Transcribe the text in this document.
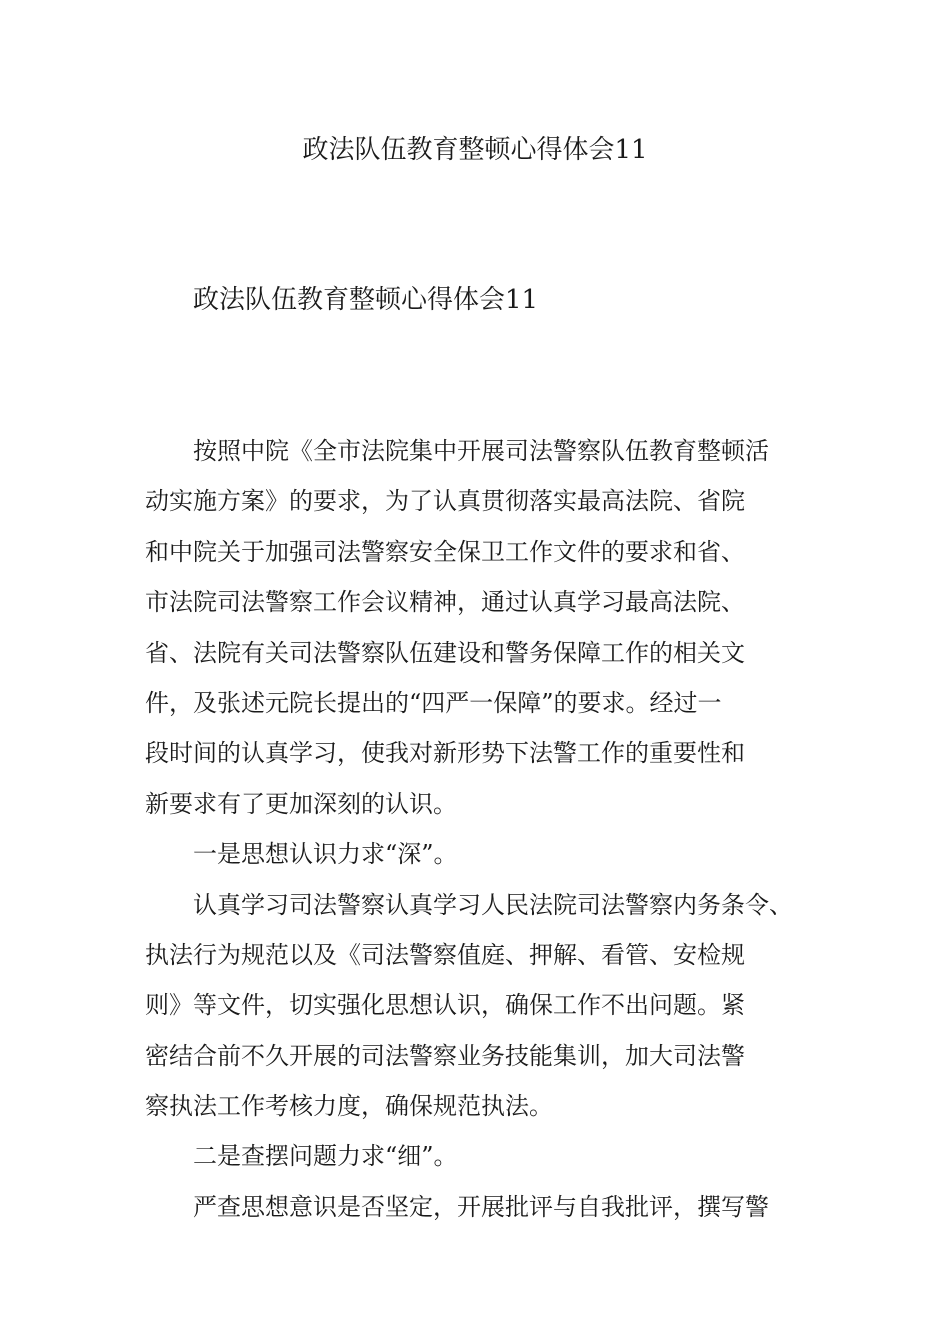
政法队伍教育整顿心得体会11
政法队伍教育整顿心得体会11
按照中院《全市法院集中开展司法警察队伍教育整顿活
动实施方案》的要求，为了认真贯彻落实最高法院、省院
和中院关于加强司法警察安全保卫工作文件的要求和省、
市法院司法警察工作会议精神，通过认真学习最高法院、
省、法院有关司法警察队伍建设和警务保障工作的相关文
件，及张述元院长提出的“四严一保障”的要求。经过一
段时间的认真学习，使我对新形势下法警工作的重要性和
新要求有了更加深刻的认识。
一是思想认识力求“深”。
认真学习司法警察认真学习人民法院司法警察内务条令、
执法行为规范以及《司法警察值庭、押解、看管、安检规
则》等文件，切实强化思想认识，确保工作不出问题。紧
密结合前不久开展的司法警察业务技能集训，加大司法警
察执法工作考核力度，确保规范执法。
二是查摆问题力求“细”。
严查思想意识是否坚定，开展批评与自我批评，撰写警
